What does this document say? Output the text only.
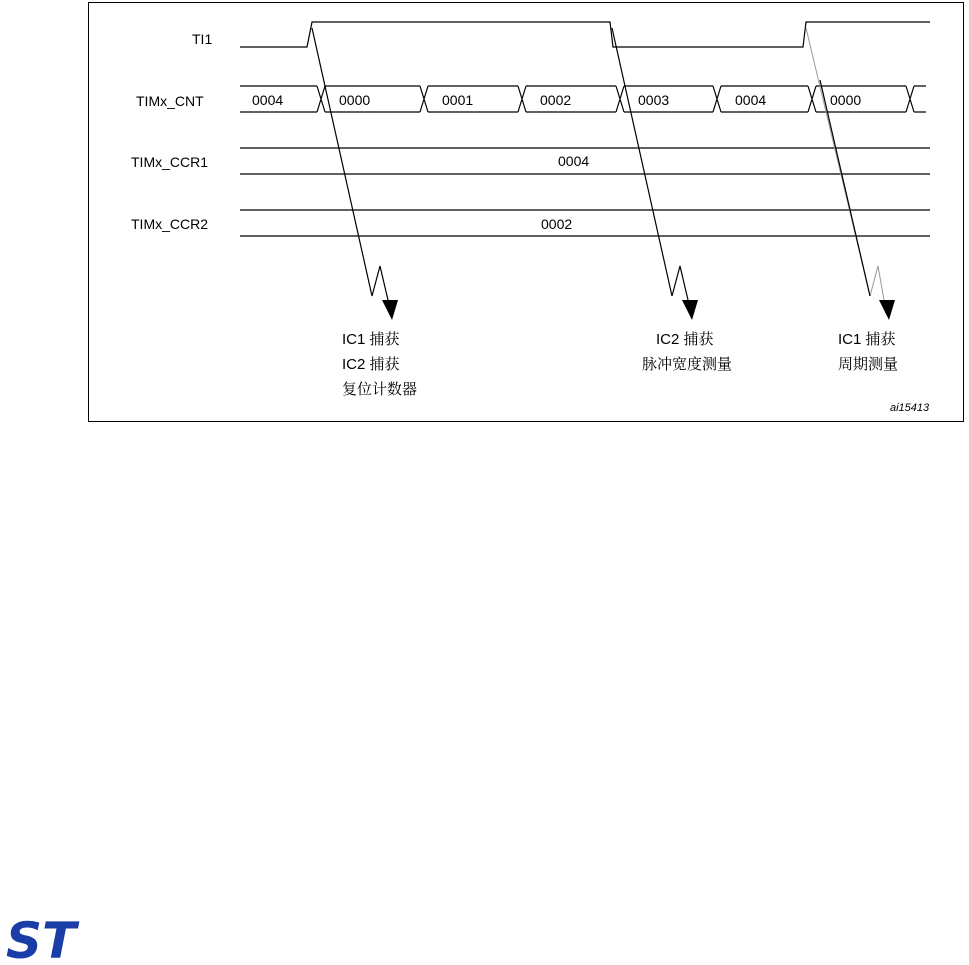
TI1
TIMx_CNT
TIMx_CCR1
TIMx_CCR2
0004	0000	0001	0002	0003	0004	0000
0004
0002
IC1 捕获
IC2 捕获
复位计数器
IC2 捕获
脉冲宽度测量
IC1 捕获
周期测量
ai15413
ST
